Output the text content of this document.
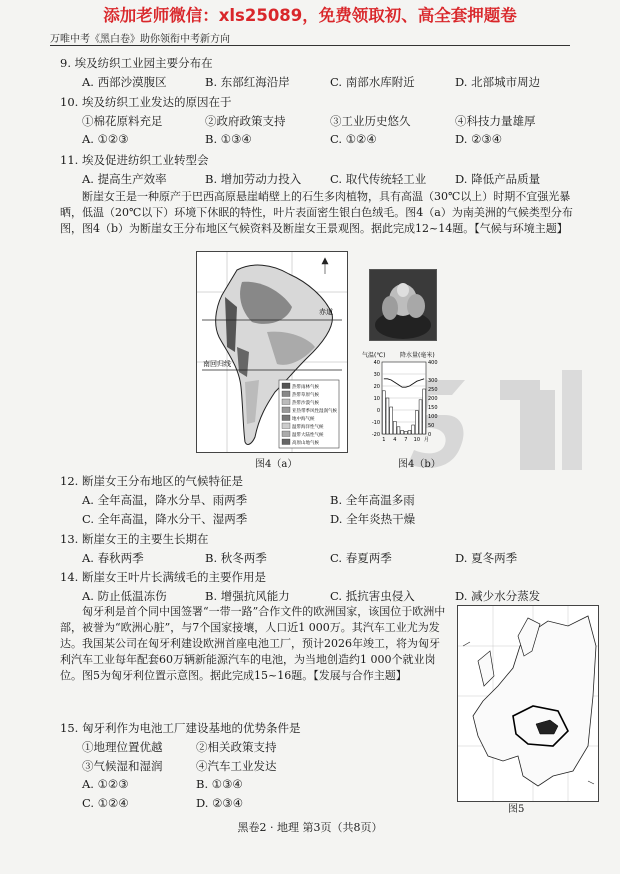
添加老师微信：xls25089，免费领取初、高全套押题卷
万唯中考《黑白卷》助你领衔中考新方向
9. 埃及纺织工业园主要分布在
A. 西部沙漠腹区	B. 东部红海沿岸	C. 南部水库附近	D. 北部城市周边
10. 埃及纺织工业发达的原因在于
①棉花原料充足	②政府政策支持	③工业历史悠久	④科技力量雄厚
A. ①②③	B. ①③④	C. ①②④	D. ②③④
11. 埃及促进纺织工业转型会
A. 提高生产效率	B. 增加劳动力投入 C. 取代传统轻工业	D. 降低产品质量
断崖女王是一种原产于巴西高原悬崖峭壁上的石生多肉植物，具有高温（30℃以上）时期不宜强光暴晒，低温（20℃以下）环境下休眠的特性，叶片表面密生银白色绒毛。图4（a）为南美洲的气候类型分布图，图4（b）为断崖女王分布地区气候资料及断崖女王景观图。据此完成12~14题。【气候与环境主题】
赤道
南回归线
热带雨林气候
热带草原气候
热带沙漠气候
亚热带季风性湿润气候
地中海气候
温带海洋性气候
温带大陆性气候
高原山地气候
图4（a）
气温(℃) 降水量(毫米)
40
30
20
10
0
-10
-20
400
300
250
200
150
100
50
0
1 4 7 10 月
图4（b）
12. 断崖女王分布地区的气候特征是
A. 全年高温，降水分旱、雨两季	B. 全年高温多雨
C. 全年高温，降水分干、湿两季	D. 全年炎热干燥
13. 断崖女王的主要生长期在
A. 春秋两季	B. 秋冬两季	C. 春夏两季	D. 夏冬两季
14. 断崖女王叶片长满绒毛的主要作用是
A. 防止低温冻伤	B. 增强抗风能力	C. 抵抗害虫侵入	D. 减少水分蒸发
匈牙利是首个同中国签署“一带一路”合作文件的欧洲国家，该国位于欧洲中部，被誉为“欧洲心脏”，与7个国家接壤，人口近1 000万。其汽车工业尤为发达。我国某公司在匈牙利建设欧洲首座电池工厂，预计2026年竣工，将为匈牙利汽车工业每年配套60万辆新能源汽车的电池，为当地创造约1 000个就业岗位。图5为匈牙利位置示意图。据此完成15~16题。【发展与合作主题】
图5
15. 匈牙利作为电池工厂建设基地的优势条件是
①地理位置优越	②相关政策支持
③气候湿和湿润	④汽车工业发达
A. ①②③	B. ①③④
C. ①②④	D. ②③④
黑卷2 · 地理 第3页（共8页）
